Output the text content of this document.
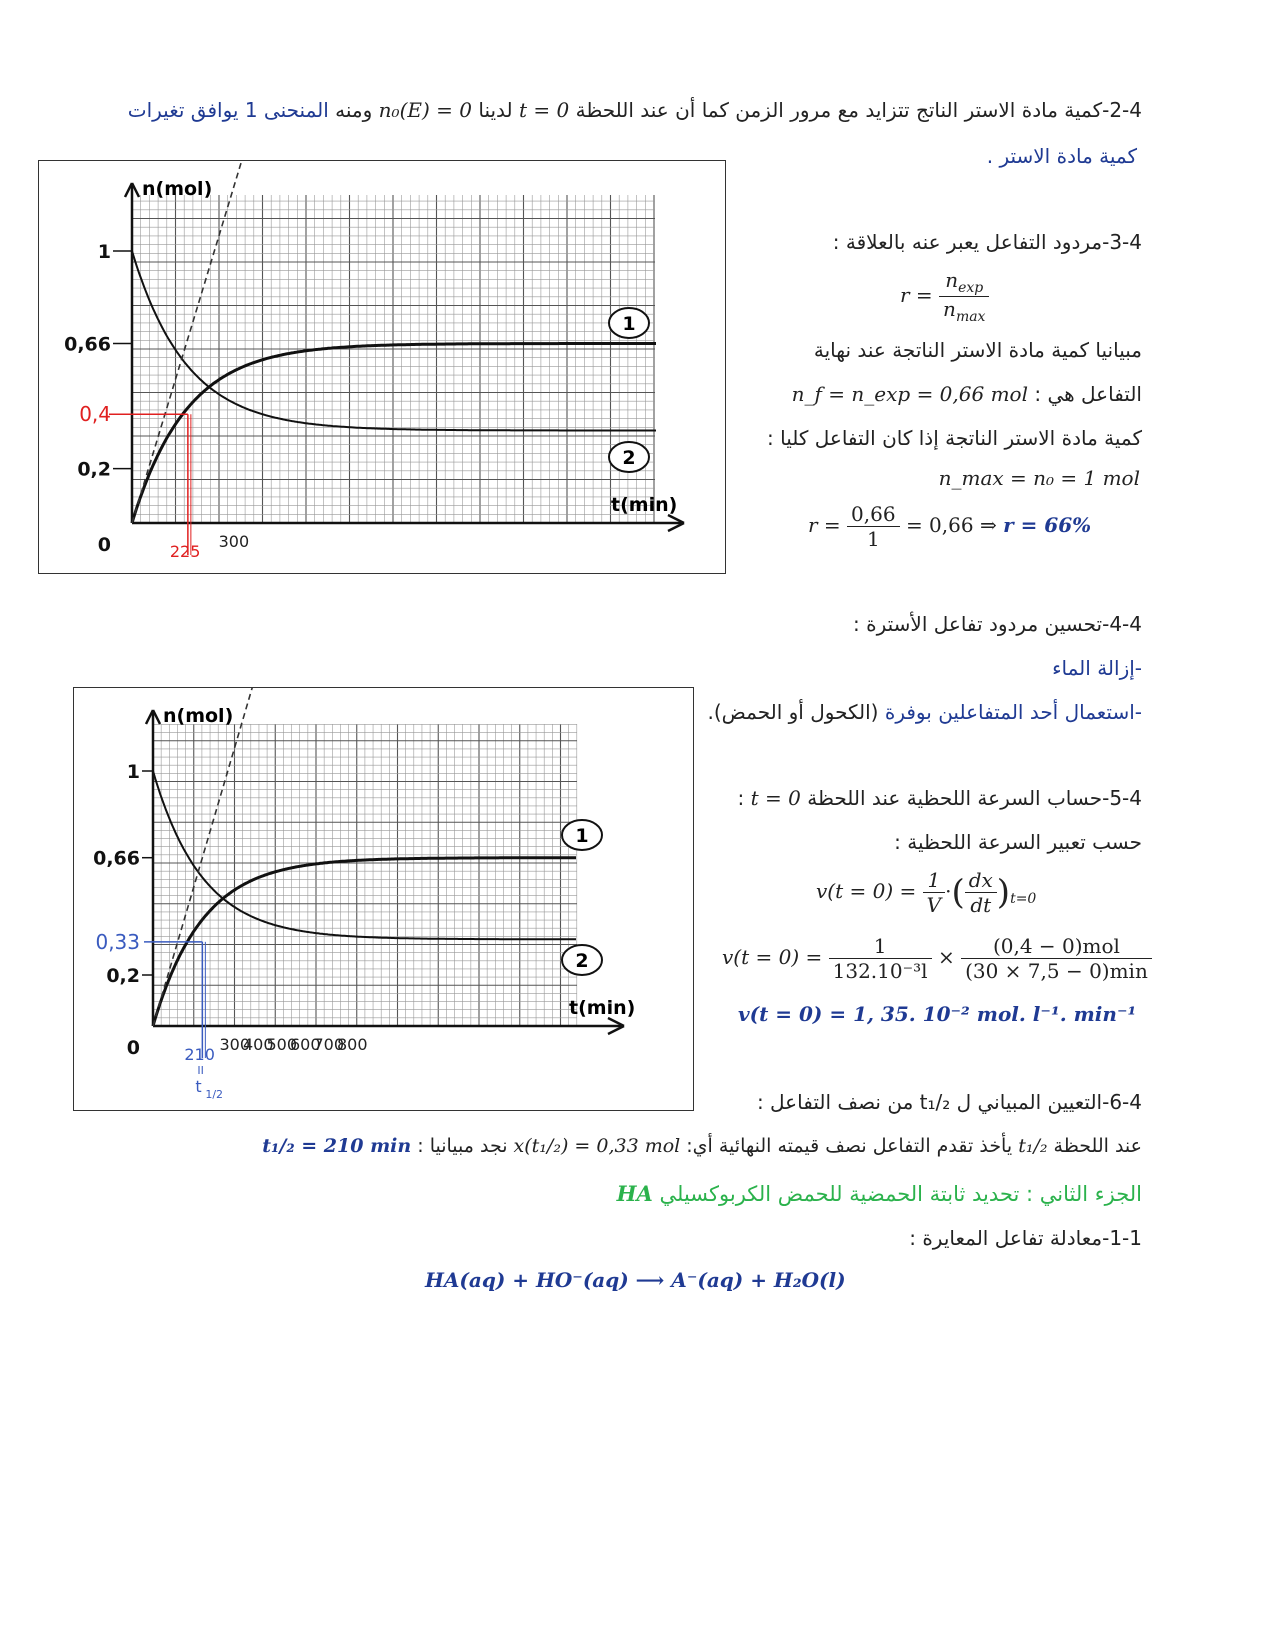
2-4-كمية مادة الاستر الناتج تتزايد مع مرور الزمن كما أن عند اللحظة t = 0 لدينا n₀(E) = 0 ومنه المنحنى 1 يوافق تغيرات
كمية مادة الاستر .
n(mol)
t(min)
1
0,66
0,4
0,2
0	300
1
2
225
3-4-مردود التفاعل يعبر عنه بالعلاقة :
$r = \frac{n_{exp}}{n_{max}}$
مبيانيا كمية مادة الاستر الناتجة عند نهاية
التفاعل هي : n_f = n_exp = 0,66 mol
كمية مادة الاستر الناتجة إذا كان التفاعل كليا :
n_max = n₀ = 1 mol
$r = \frac{0,66}{1} = 0,66$ ⇒ r = 66%
4-4-تحسين مردود تفاعل الأسترة :
-إزالة الماء
-استعمال أحد المتفاعلين بوفرة (الكحول أو الحمض).
n(mol)
t(min)
1
0,66
0,33
0,2
0	300
400
500
600
700
800
1
2
210
II
t 1/2
5-4-حساب السرعة اللحظية عند اللحظة t = 0 :
حسب تعبير السرعة اللحظية :
$v(t = 0) = \frac{1}{V}$ ·( $\frac{dx}{dt} )_{t=0}$
$v(t = 0) = \frac{1}{\text{132.10⁻³l}} \times \frac{\text{(0,4 − 0)mol}}{(30 \times 7,5 - 0)\min}$
v(t = 0) = 1, 35. 10⁻² mol. l⁻¹. min⁻¹
6-4-التعيين المبياني ل t₁/₂ من نصف التفاعل :
عند اللحظة t₁/₂ يأخذ تقدم التفاعل نصف قيمته النهائية أي: x(t₁/₂) = 0,33 mol نجد مبيانيا : t₁/₂ = 210 min
الجزء الثاني : تحديد ثابتة الحمضية للحمض الكربوكسيلي HA
1-1-معادلة تفاعل المعايرة :
HA(aq) + HO⁻(aq) ⟶ A⁻(aq) + H₂O(l)
